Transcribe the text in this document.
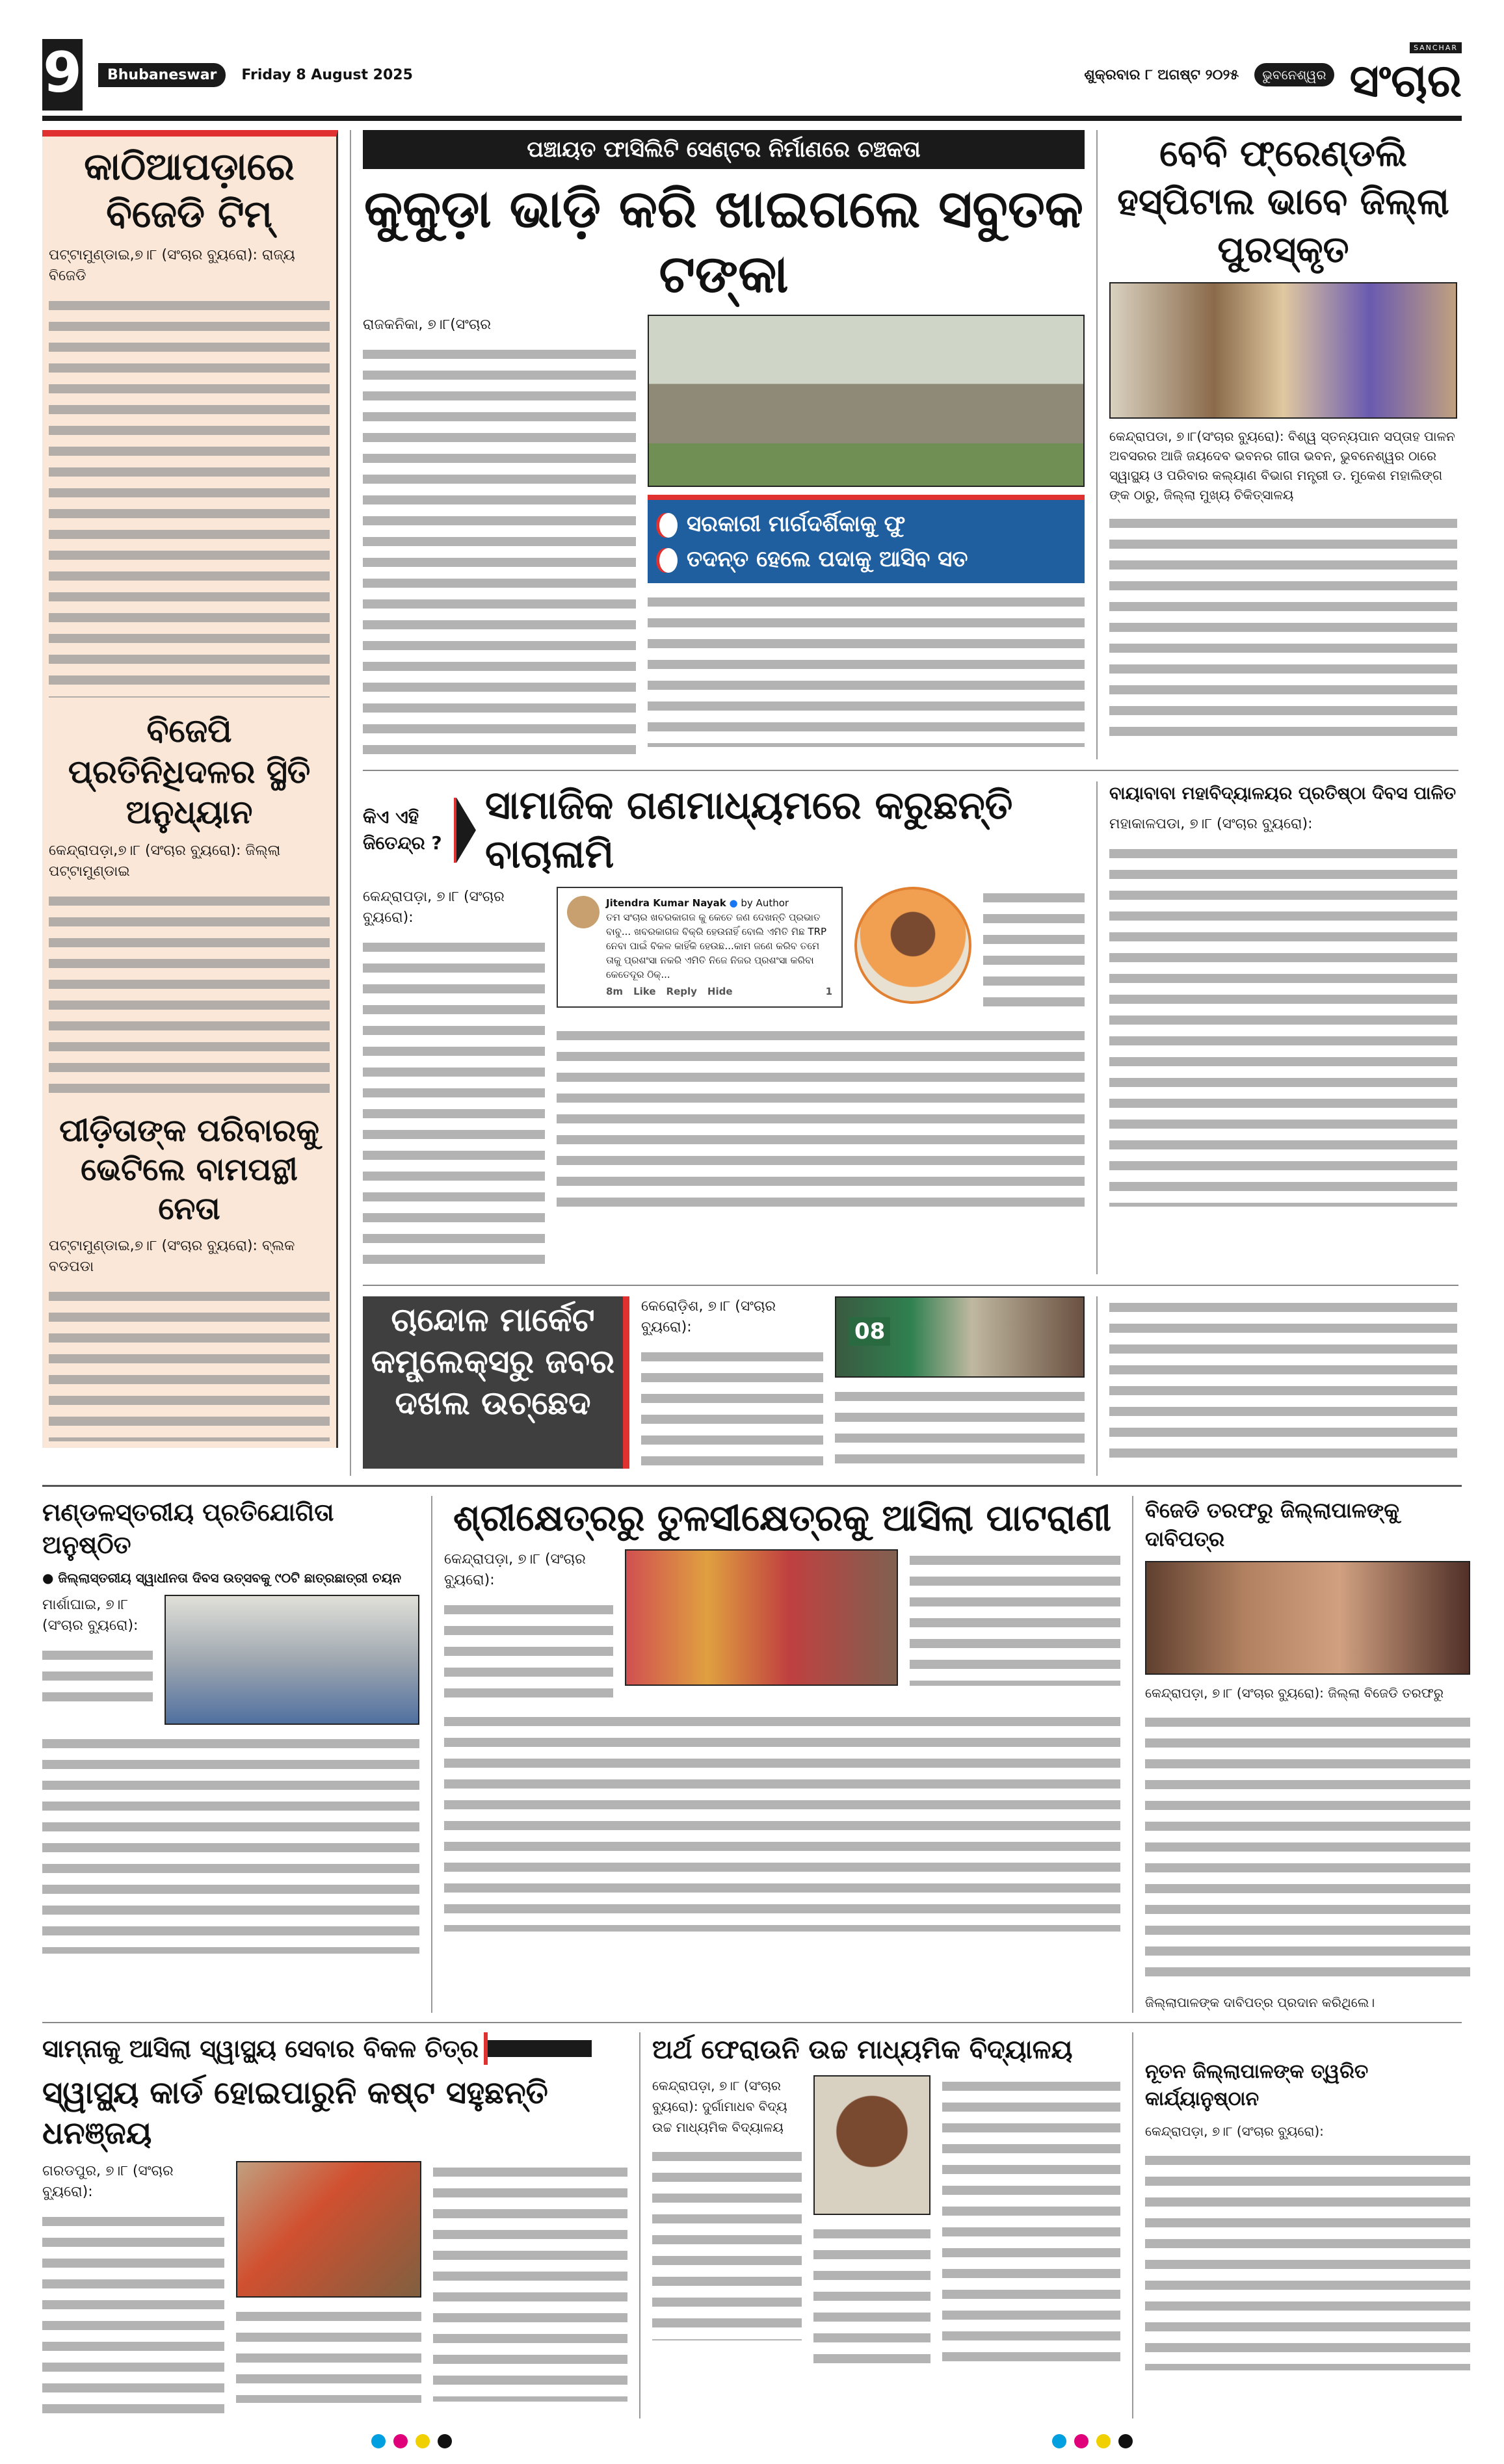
9	Bhubaneswar	Friday 8 August 2025	ଶୁକ୍ରବାର ୮ ଅଗଷ୍ଟ ୨୦୨୫	ଭୁବନେଶ୍ୱର
SANCHAR
ସଂଚାର
କାଠିଆପଡ଼ାରେ ବିଜେଡି ଟିମ୍
ପଟ୍ଟାମୁଣ୍ଡାଇ,୭।୮ (ସଂଚାର ବ୍ୟୁରୋ): ରାଜ୍ୟ ବିଜେଡି
ବିଜେପି ପ୍ରତିନିଧିଦଳର ସ୍ଥିତି ଅନୁଧ୍ୟାନ
କେନ୍ଦ୍ରାପଡ଼ା,୭।୮ (ସଂଚାର ବ୍ୟୁରୋ): ଜିଲ୍ଲା ପଟ୍ଟାମୁଣ୍ଡାଇ
ପୀଡ଼ିତାଙ୍କ ପରିବାରକୁ ଭେଟିଲେ ବାମପନ୍ଥୀ ନେତା
ପଟ୍ଟାମୁଣ୍ଡାଇ,୭।୮ (ସଂଚାର ବ୍ୟୁରୋ): ବ୍ଲକ ବଡପଡା
ପଞ୍ଚାୟତ ଫାସିଲିଟି ସେଣ୍ଟର ନିର୍ମାଣରେ ଚଞ୍ଚକତା
କୁକୁଡ଼ା ଭାଡ଼ି କରି ଖାଇଗଲେ ସବୁତକ ଟଙ୍କା
ରାଜକନିକା, ୭।୮(ସଂଚାର
ସରକାରୀ ମାର୍ଗଦର୍ଶିକାକୁ ଫୁ
ତଦନ୍ତ ହେଲେ ପଦାକୁ ଆସିବ ସତ
ବେବି ଫ୍ରେଣ୍ଡଲି ହସ୍ପିଟାଲ ଭାବେ ଜିଲ୍ଲା ପୁରସ୍କୃତ
କେନ୍ଦ୍ରାପଡା, ୭।୮(ସଂଚାର ବ୍ୟୁରୋ): ବିଶ୍ୱ ସ୍ତନ୍ୟପାନ ସପ୍ତାହ ପାଳନ ଅବସରର ଆଜି ଜୟଦେବ ଭବନର ଗୀତା ଭବନ, ଭୁବନେଶ୍ୱର ଠାରେ ସ୍ୱାସ୍ଥ୍ୟ ଓ ପରିବାର କଲ୍ୟାଣ ବିଭାଗ ମନ୍ତ୍ରୀ ଡ. ମୁକେଶ ମହାଲିଙ୍ଗ ଙ୍କ ଠାରୁ, ଜିଲ୍ଲା ମୁଖ୍ୟ ଚିକିତ୍ସାଳୟ
କିଏ ଏହି ଜିତେନ୍ଦ୍ର ?
ସାମାଜିକ ଗଣମାଧ୍ୟମରେ କରୁଛନ୍ତି ବାଚାଳାମି
କେନ୍ଦ୍ରାପଡ଼ା, ୭।୮ (ସଂଚାର ବ୍ୟୁରୋ):
Jitendra Kumar Nayak ● by Author
ତମ ସଂଚାର ଖବରକାଗଜ କୁ କେତେ ଜଣ ଦେଖନ୍ତି ପ୍ରଭାତ ବାବୁ... ଖବରକାଗଜ ବିକ୍ରି ହେଉନାହିଁ ବୋଲି ଏମିତି ମିଛ TRP ନେବା ପାଇଁ ବିକଳ କାହିଁକି ହେଉଛ...କାମ ଜଣେ କରିବ ତମେ ତାକୁ ପ୍ରଶଂସା ନକରି ଏମିତି ନିଜେ ନିଜର ପ୍ରଶଂସା କରିବା କେତେଦୂର ଠିକ୍...
8m Like Reply Hide	1
ବାୟାବାବା ମହାବିଦ୍ୟାଳୟର ପ୍ରତିଷ୍ଠା ଦିବସ ପାଳିତ
ମହାକାଳପଡା, ୭।୮ (ସଂଚାର ବ୍ୟୁରୋ):
ଚାନ୍ଦୋଳ ମାର୍କେଟ କମ୍ପ୍ଲେକ୍ସରୁ ଜବର ଦଖଲ ଉଚ୍ଛେଦ
କେରୋଡ଼ିଶ, ୭।୮ (ସଂଚାର ବ୍ୟୁରୋ):	08
ମଣ୍ଡଳସ୍ତରୀୟ ପ୍ରତିଯୋଗିତା ଅନୁଷ୍ଠିତ
● ଜିଲ୍ଲାସ୍ତରୀୟ ସ୍ୱାଧୀନତା ଦିବସ ଉତ୍ସବକୁ ୯୦ଟି ଛାତ୍ରଛାତ୍ରୀ ଚୟନ
ମାର୍ଶାଘାଇ, ୭।୮ (ସଂଚାର ବ୍ୟୁରୋ):
ଶ୍ରୀକ୍ଷେତ୍ରରୁ ତୁଳସୀକ୍ଷେତ୍ରକୁ ଆସିଲା ପାଟରାଣୀ
କେନ୍ଦ୍ରାପଡ଼ା, ୭।୮ (ସଂଚାର ବ୍ୟୁରୋ):
ବିଜେଡି ତରଫରୁ ଜିଲ୍ଲାପାଳଙ୍କୁ ଦାବିପତ୍ର
କେନ୍ଦ୍ରାପଡ଼ା, ୭।୮ (ସଂଚାର ବ୍ୟୁରୋ): ଜିଲ୍ଲା ବିଜେଡି ତରଫରୁ
ଜିଲ୍ଲାପାଳଙ୍କ ଦାବିପତ୍ର ପ୍ରଦାନ କରିଥିଲେ।
ସାମ୍ନାକୁ ଆସିଲା ସ୍ୱାସ୍ଥ୍ୟ ସେବାର ବିକଳ ଚିତ୍ର
ସ୍ୱାସ୍ଥ୍ୟ କାର୍ଡ ହୋଇପାରୁନି କଷ୍ଟ ସହୁଛନ୍ତି ଧନଞ୍ଜୟ
ଗରଡପୁର, ୭।୮ (ସଂଚାର ବ୍ୟୁରୋ):
ଅର୍ଥ ଫେରାଉନି ଉଚ୍ଚ ମାଧ୍ୟମିକ ବିଦ୍ୟାଳୟ
କେନ୍ଦ୍ରାପଡ଼ା, ୭।୮ (ସଂଚାର ବ୍ୟୁରୋ): ଦୁର୍ଗାମାଧବ ବିଦ୍ୟ ଉଚ୍ଚ ମାଧ୍ୟମିକ ବିଦ୍ୟାଳୟ
ନୂତନ ଜିଲ୍ଲାପାଳଙ୍କ ତ୍ୱରିତ କାର୍ଯ୍ୟାନୁଷ୍ଠାନ
କେନ୍ଦ୍ରାପଡ଼ା, ୭।୮ (ସଂଚାର ବ୍ୟୁରୋ):
